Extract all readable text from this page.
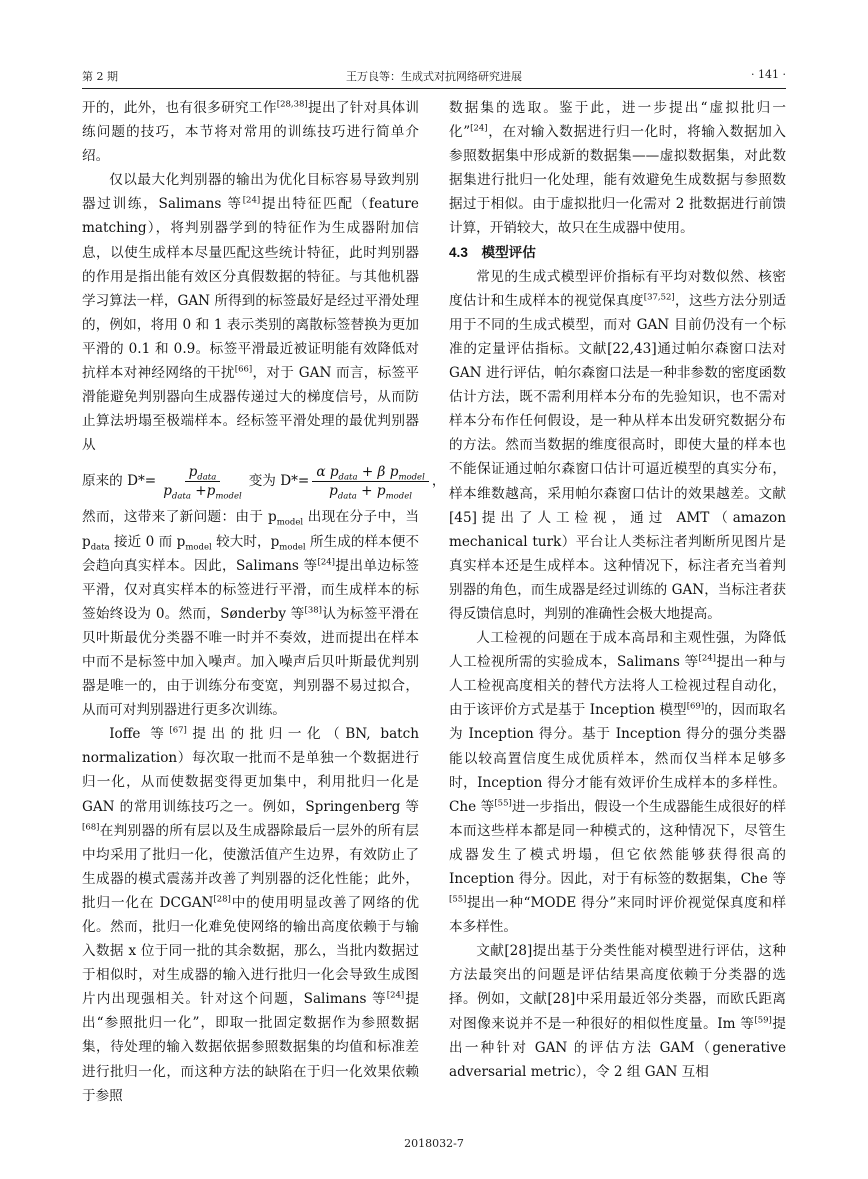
第 2 期	王万良等：生成式对抗网络研究进展	· 141 ·

开的，此外，也有很多研究工作[28,38]提出了针对具体训练问题的技巧，本节将对常用的训练技巧进行简单介绍。

仅以最大化判别器的输出为优化目标容易导致判别器过训练，Salimans 等[24]提出特征匹配（feature matching），将判别器学到的特征作为生成器附加信息，以使生成样本尽量匹配这些统计特征，此时判别器的作用是指出能有效区分真假数据的特征。与其他机器学习算法一样，GAN 所得到的标签最好是经过平滑处理的，例如，将用 0 和 1 表示类别的离散标签替换为更加平滑的 0.1 和 0.9。标签平滑最近被证明能有效降低对抗样本对神经网络的干扰[66]，对于 GAN 而言，标签平滑能避免判别器向生成器传递过大的梯度信号，从而防止算法坍塌至极端样本。经标签平滑处理的最优判别器从

原来的 $D*= \frac{p_{data}}{p_{data} +p_{model}}$ 变为 $D*= \frac{\alpha p_{data} + \beta p_{model}}{p_{data} + p_{model}}$ ，

然而，这带来了新问题：由于 $p_{model}$ 出现在分子中，当 $p_{data}$ 接近 0 而 $p_{model}$ 较大时，$p_{model}$ 所生成的样本便不会趋向真实样本。因此，Salimans 等[24]提出单边标签平滑，仅对真实样本的标签进行平滑，而生成样本的标签始终设为 0。然而，Sønderby 等[38]认为标签平滑在贝叶斯最优分类器不唯一时并不奏效，进而提出在样本中而不是标签中加入噪声。加入噪声后贝叶斯最优判别器是唯一的，由于训练分布变宽，判别器不易过拟合，从而可对判别器进行更多次训练。

Ioffe 等[67]提出的批归一化（BN, batch normalization）每次取一批而不是单独一个数据进行归一化，从而使数据变得更加集中，利用批归一化是 GAN 的常用训练技巧之一。例如，Springenberg 等[68]在判别器的所有层以及生成器除最后一层外的所有层中均采用了批归一化，使激活值产生边界，有效防止了生成器的模式震荡并改善了判别器的泛化性能；此外，批归一化在 DCGAN[28]中的使用明显改善了网络的优化。然而，批归一化难免使网络的输出高度依赖于与输入数据 x 位于同一批的其余数据，那么，当批内数据过于相似时，对生成器的输入进行批归一化会导致生成图片内出现强相关。针对这个问题，Salimans 等[24]提出“参照批归一化”，即取一批固定数据作为参照数据集，待处理的输入数据依据参照数据集的均值和标准差进行批归一化，而这种方法的缺陷在于归一化效果依赖于参照

数据集的选取。鉴于此，进一步提出“虚拟批归一化”[24]，在对输入数据进行归一化时，将输入数据加入参照数据集中形成新的数据集——虚拟数据集，对此数据集进行批归一化处理，能有效避免生成数据与参照数据过于相似。由于虚拟批归一化需对 2 批数据进行前馈计算，开销较大，故只在生成器中使用。

4.3　模型评估

常见的生成式模型评价指标有平均对数似然、核密度估计和生成样本的视觉保真度[37,52]，这些方法分别适用于不同的生成式模型，而对 GAN 目前仍没有一个标准的定量评估指标。文献[22,43]通过帕尔森窗口法对 GAN 进行评估，帕尔森窗口法是一种非参数的密度函数估计方法，既不需利用样本分布的先验知识，也不需对样本分布作任何假设，是一种从样本出发研究数据分布的方法。然而当数据的维度很高时，即使大量的样本也不能保证通过帕尔森窗口估计可逼近模型的真实分布，样本维数越高，采用帕尔森窗口估计的效果越差。文献[45]提出了人工检视，通过 AMT（amazon mechanical turk）平台让人类标注者判断所见图片是真实样本还是生成样本。这种情况下，标注者充当着判别器的角色，而生成器是经过训练的 GAN，当标注者获得反馈信息时，判别的准确性会极大地提高。

人工检视的问题在于成本高昂和主观性强，为降低人工检视所需的实验成本，Salimans 等[24]提出一种与人工检视高度相关的替代方法将人工检视过程自动化，由于该评价方式是基于 Inception 模型[69]的，因而取名为 Inception 得分。基于 Inception 得分的强分类器能以较高置信度生成优质样本，然而仅当样本足够多时，Inception 得分才能有效评价生成样本的多样性。Che 等[55]进一步指出，假设一个生成器能生成很好的样本而这些样本都是同一种模式的，这种情况下，尽管生成器发生了模式坍塌，但它依然能够获得很高的 Inception 得分。因此，对于有标签的数据集，Che 等[55]提出一种“MODE 得分”来同时评价视觉保真度和样本多样性。

文献[28]提出基于分类性能对模型进行评估，这种方法最突出的问题是评估结果高度依赖于分类器的选择。例如，文献[28]中采用最近邻分类器，而欧氏距离对图像来说并不是一种很好的相似性度量。Im 等[59]提出一种针对 GAN 的评估方法 GAM（generative adversarial metric），令 2 组 GAN 互相

2018032-7
